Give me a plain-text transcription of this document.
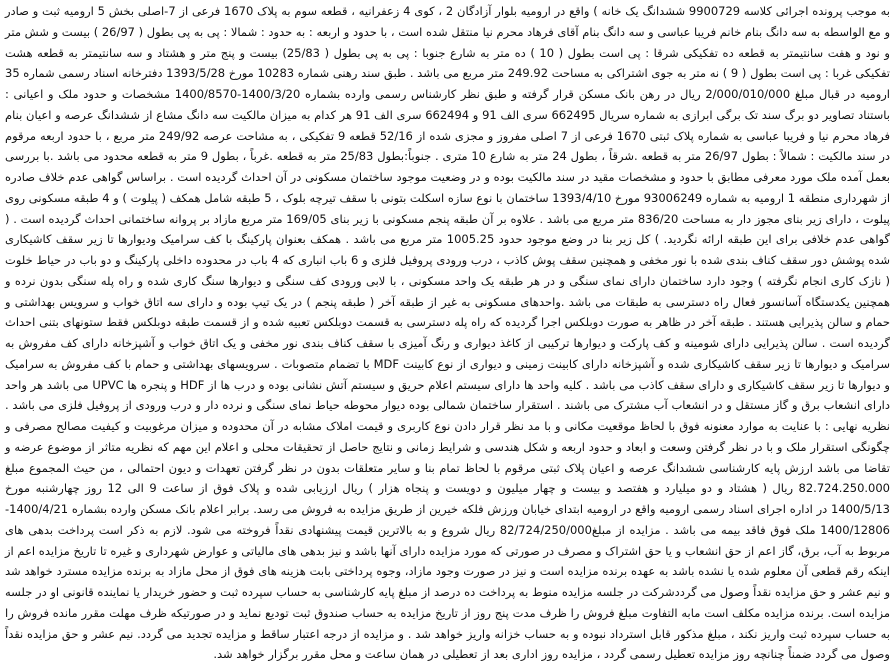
به موجب پرونده اجرائی کلاسه 9900729 ششدانگ یک خانه ) واقع در ارومیه بلوار آزادگان 2 ، کوی 4 زعفرانیه ، قطعه سوم به پلاک 1670 فرعی از 7-اصلی بخش 5 ارومیه ثبت و صادر و مع الواسطه به سه دانگ بنام خانم فریبا عباسی و سه دانگ بنام آقای فرهاد محرم نیا منتقل شده است ، با حدود و اربعه : به حدود : شمالا : پی به پی بطول ( 26/97 ) بیست و شش متر و نود و هفت سانتیمتر به قطعه ده تفکیکی شرقا : پی است بطول ( 10 ) ده متر به شارع جنوبا : پی به پی بطول ( 25/83) بیست و پنج متر و هشتاد و سه سانتیمتر به قطعه هشت تفکیکی غربا : پی است بطول ( 9 ) نه متر به جوی اشتراکی به مساحت 249.92 متر مربع می باشد . طبق سند رهنی شماره 10283 مورخ 1393/5/28 دفترخانه اسناد رسمی شماره 35 ارومیه در قبال مبلغ 2/000/010/000 ریال در رهن بانک مسکن قرار گرفته و طبق نظر کارشناس رسمی وارده بشماره 1400/3/20-1400/8570 مشخصات و حدود ملک و اعیانی : باستناد تصاویر دو برگ سند تک برگی ابرازی به شماره سریال 662495 سری الف 91 و 662494 سری الف 91 هر کدام به میزان مالکیت سه دانگ مشاع از ششدانگ عرصه و اعیان بنام فرهاد محرم نیا و فریبا عباسی به شماره پلاک ثبتی 1670 فرعی از 7 اصلی مفروز و مجزی شده از 52/16 قطعه 9 تفکیکی ، به مشاحت عرصه 249/92 متر مربع ، با حدود اربعه مرقوم در سند مالکیت : شمالاً : بطول 26/97 متر به قطعه .شرقاً ، بطول 24 متر به شارع 10 متری . جنوباً:بطول 25/83 متر به قطعه .غرباً ، بطول 9 متر به قطعه محدود می باشد .با بررسی بعمل آمده ملک مورد معرفی مطابق با حدود و مشخصات مقید در سند مالکیت بوده و در وضعیت موجود ساختمان مسکونی در آن احداث گردیده است . براساس گواهی عدم خلاف صادره از شهرداری منطقه 1 ارومیه به شماره 93006249 مورخ 1393/4/10 ساختمان با نوع سازه اسکلت بتونی با سقف تیرچه بلوک ، 5 طبقه شامل همکف ( پیلوت ) و 4 طبقه مسکونی روی پیلوت ، دارای زیر بنای مجوز دار به مساحت 836/20 متر مربع می باشد . علاوه بر آن طبقه پنجم مسکونی با زیر بنای 169/05 متر مربع مازاد بر پروانه ساختمانی احداث گردیده است . ( گواهی عدم خلافی برای این طبقه ارائه نگردید. ) کل زیر بنا در وضع موجود حدود 1005.25 متر مربع می باشد . همکف بعنوان پارکینگ با کف سرامیک ودیوارها تا زیر سقف کاشیکاری شده پوشش دور سقف کناف بندی شده با نور مخفی و همچنین سقف پوش کاذب ، درب ورودی پروفیل فلزی و 6 باب انباری که 4 باب در محدوده داخلی پارکینگ و دو باب در حیاط خلوت ( نازک کاری انجام نگرفته ) وجود دارد ساختمان دارای نمای سنگی و در هر طبقه یک واحد مسکونی ، با لابی ورودی کف سنگی و دیوارها سنگ کاری شده و راه پله سنگی بدون نرده و همچنین یکدستگاه آسانسور فعال راه دسترسی به طبقات می باشد .واحدهای مسکونی به غیر از طبقه آخر ( طبقه پنجم ) در یک تیپ بوده و دارای سه اتاق خواب و سرویس بهداشتی و حمام و سالن پذیرایی هستند . طبقه آخر در ظاهر به صورت دوبلکس اجرا گردیده که راه پله دسترسی به قسمت دوبلکس تعبیه شده و از قسمت طبقه دوبلکس فقط ستونهای بتنی احداث گردیده است . سالن پذیرایی دارای شومینه و کف پارکت و دیوارها ترکیبی از کاغذ دیواری و رنگ آمیزی با سقف کناف بندی نور مخفی و یک اتاق خواب و آشپزخانه دارای کف مفروش به سرامیک و دیوارها تا زیر سقف کاشیکاری شده و آشپزخانه دارای کابینت زمینی و دیواری از نوع کابینت MDF با تضمام متصوبات . سرویسهای بهداشتی و حمام با کف مفروش به سرامیک و دیوارها تا زیر سقف کاشیکاری و دارای سقف کاذب می باشد . کلیه واحد ها دارای سیستم اعلام حریق و سیستم آتش نشانی بوده و درب ها از HDF و پنجره ها UPVC می باشد هر واحد دارای انشعاب برق و گاز مستقل و در انشعاب آب مشترک می باشند . استقرار ساختمان شمالی بوده دیوار محوطه حیاط نمای سنگی و نرده دار و درب ورودی از پروفیل فلزی می باشد . نظریه نهایی : با عنایت به موارد معنونه فوق با لحاظ موقعیت مکانی و با مد نظر قرار دادن نوع کاربری و قیمت املاک مشابه در آن محدوده و میزان مرغوبیت و کیفیت مصالح مصرفی و چگونگی استقرار ملک و با در نظر گرفتن وسعت و ابعاد و حدود اربعه و شکل هندسی و شرایط زمانی و نتایج حاصل از تحقیقات محلی و اعلام این مهم که نظریه متاثر از موضوع عرضه و تقاضا می باشد ارزش پایه کارشناسی ششدانگ عرصه و اعیان پلاک ثبتی مرقوم با لحاظ تمام بنا و سایر متعلقات بدون در نظر گرفتن تعهدات و دیون احتمالی ، من حیث المجموع مبلغ 82.724.250.000 ریال ( هشتاد و دو میلیارد و هفتصد و بیست و چهار میلیون و دویست و پنجاه هزار ) ریال ارزیابی شده و پلاک فوق از ساعت 9 الی 12 روز چهارشنبه مورخ 1400/5/13 در اداره اجرای اسناد رسمی ارومیه واقع در ارومیه ابتدای خیابان ورزش فلکه خیرین از طریق مزایده به فروش می رسد. برابر اعلام بانک مسکن وارده بشماره 1400/4/21-1400/12806 ملک فوق فاقد بیمه می باشد . مزایده از مبلغ82/724/250/000 ریال شروع و به بالاترین قیمت پیشنهادی نقداً فروخته می شود. لازم به ذکر است پرداخت بدهی های مربوط به آب، برق، گاز اعم از حق انشعاب و یا حق اشتراک و مصرف در صورتی که مورد مزایده دارای آنها باشد و نیز بدهی های مالیاتی و عوارض شهرداری و غیره تا تاریخ مزایده اعم از اینکه رقم قطعی آن معلوم شده یا نشده باشد به عهده برنده مزایده است و نیز در صورت وجود مازاد، وجوه پرداختی بابت هزینه های فوق از محل مازاد به برنده مزایده مسترد خواهد شد و نیم عشر و حق مزایده نقداً وصول می گرددشرکت در جلسه مزایده منوط به پرداخت ده درصد از مبلغ پایه کارشناسی به حساب سپرده ثبت و حضور خریدار یا نماینده قانونی او در جلسه مزایده است. برنده مزایده مکلف است مابه التفاوت مبلغ فروش را ظرف مدت پنج روز از تاریخ مزایده به حساب صندوق ثبت تودیع نماید و در صورتیکه ظرف مهلت مقرر مانده فروش را به حساب سپرده ثبت واریز نکند ، مبلغ مذکور قابل استرداد نبوده و به حساب خزانه واریز خواهد شد . و مزایده از درجه اعتبار ساقط و مزایده تجدید می گردد. نیم عشر و حق مزایده نقداً وصول می گردد ضمناً چنانچه روز مزایده تعطیل رسمی گردد ، مزایده روز اداری بعد از تعطیلی در همان ساعت و محل مقرر برگزار خواهد شد.
